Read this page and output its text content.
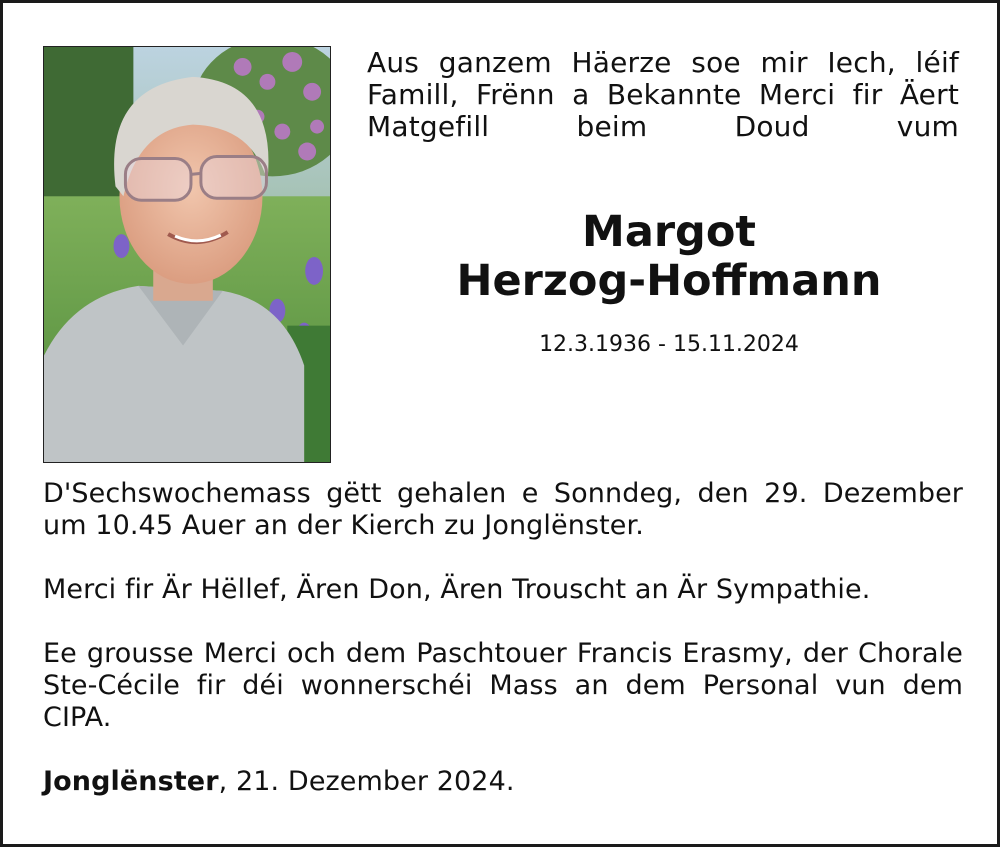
Aus ganzem Häerze soe mir Iech, léif Famill, Frënn a Bekannte Merci fir Äert Matgefill beim Doud vum
Margot
Herzog-Hoffmann
12.3.1936 - 15.11.2024
D'Sechswochemass gëtt gehalen e Sonndeg, den 29. Dezember um 10.45 Auer an der Kierch zu Jonglënster.
Merci fir Är Hëllef, Ären Don, Ären Trouscht an Är Sympathie.
Ee grousse Merci och dem Paschtouer Francis Erasmy, der Chorale Ste-Cécile fir déi wonnerschéi Mass an dem Personal vun dem CIPA.
Jonglënster, 21. Dezember 2024.
